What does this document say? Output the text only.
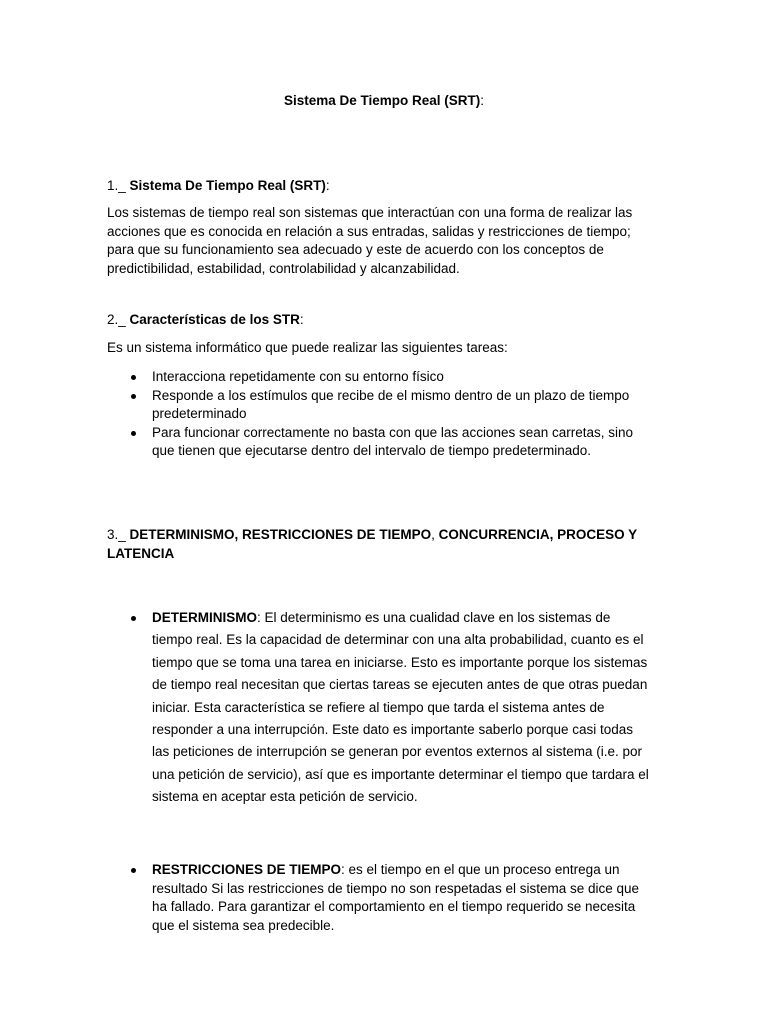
Sistema De Tiempo Real (SRT):
1._ Sistema De Tiempo Real (SRT):
Los sistemas de tiempo real son sistemas que interactúan con una forma de realizar las acciones que es conocida en relación a sus entradas, salidas y restricciones de tiempo; para que su funcionamiento sea adecuado y este de acuerdo con los conceptos de predictibilidad, estabilidad, controlabilidad y alcanzabilidad.
2._ Características de los STR:
Es un sistema informático que puede realizar las siguientes tareas:
Interacciona repetidamente con su entorno físico
Responde a los estímulos que recibe de el mismo dentro de un plazo de tiempo predeterminado
Para funcionar correctamente no basta con que las acciones sean carretas, sino que tienen que ejecutarse dentro del intervalo de tiempo predeterminado.
3._ DETERMINISMO, RESTRICCIONES DE TIEMPO, CONCURRENCIA, PROCESO Y LATENCIA
DETERMINISMO: El determinismo es una cualidad clave en los sistemas de tiempo real. Es la capacidad de determinar con una alta probabilidad, cuanto es el tiempo que se toma una tarea en iniciarse. Esto es importante porque los sistemas de tiempo real necesitan que ciertas tareas se ejecuten antes de que otras puedan iniciar. Esta característica se refiere al tiempo que tarda el sistema antes de responder a una interrupción. Este dato es importante saberlo porque casi todas las peticiones de interrupción se generan por eventos externos al sistema (i.e. por una petición de servicio), así que es importante determinar el tiempo que tardara el sistema en aceptar esta petición de servicio.
RESTRICCIONES DE TIEMPO: es el tiempo en el que un proceso entrega un resultado Si las restricciones de tiempo no son respetadas el sistema se dice que ha fallado. Para garantizar el comportamiento en el tiempo requerido se necesita que el sistema sea predecible.
